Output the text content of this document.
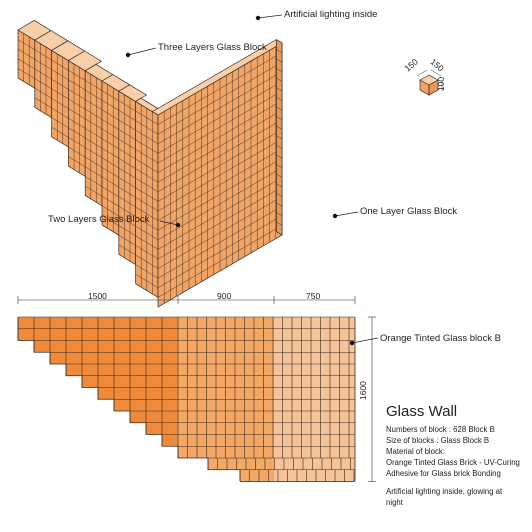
Artificial lighting inside
Three Layers Glass Block
Two Layers Glass Block
One Layer Glass Block
Orange Tinted Glass block B
150 150
100
1500	900	750
1600
Glass Wall
Numbers of block : 628 Block B
Size of blocks : Glass Block B
Material of block:
Orange Tinted Glass Brick - UV-Curing
Adhesive for Glass brick Bonding
Artificial lighting inside, glowing at
night
